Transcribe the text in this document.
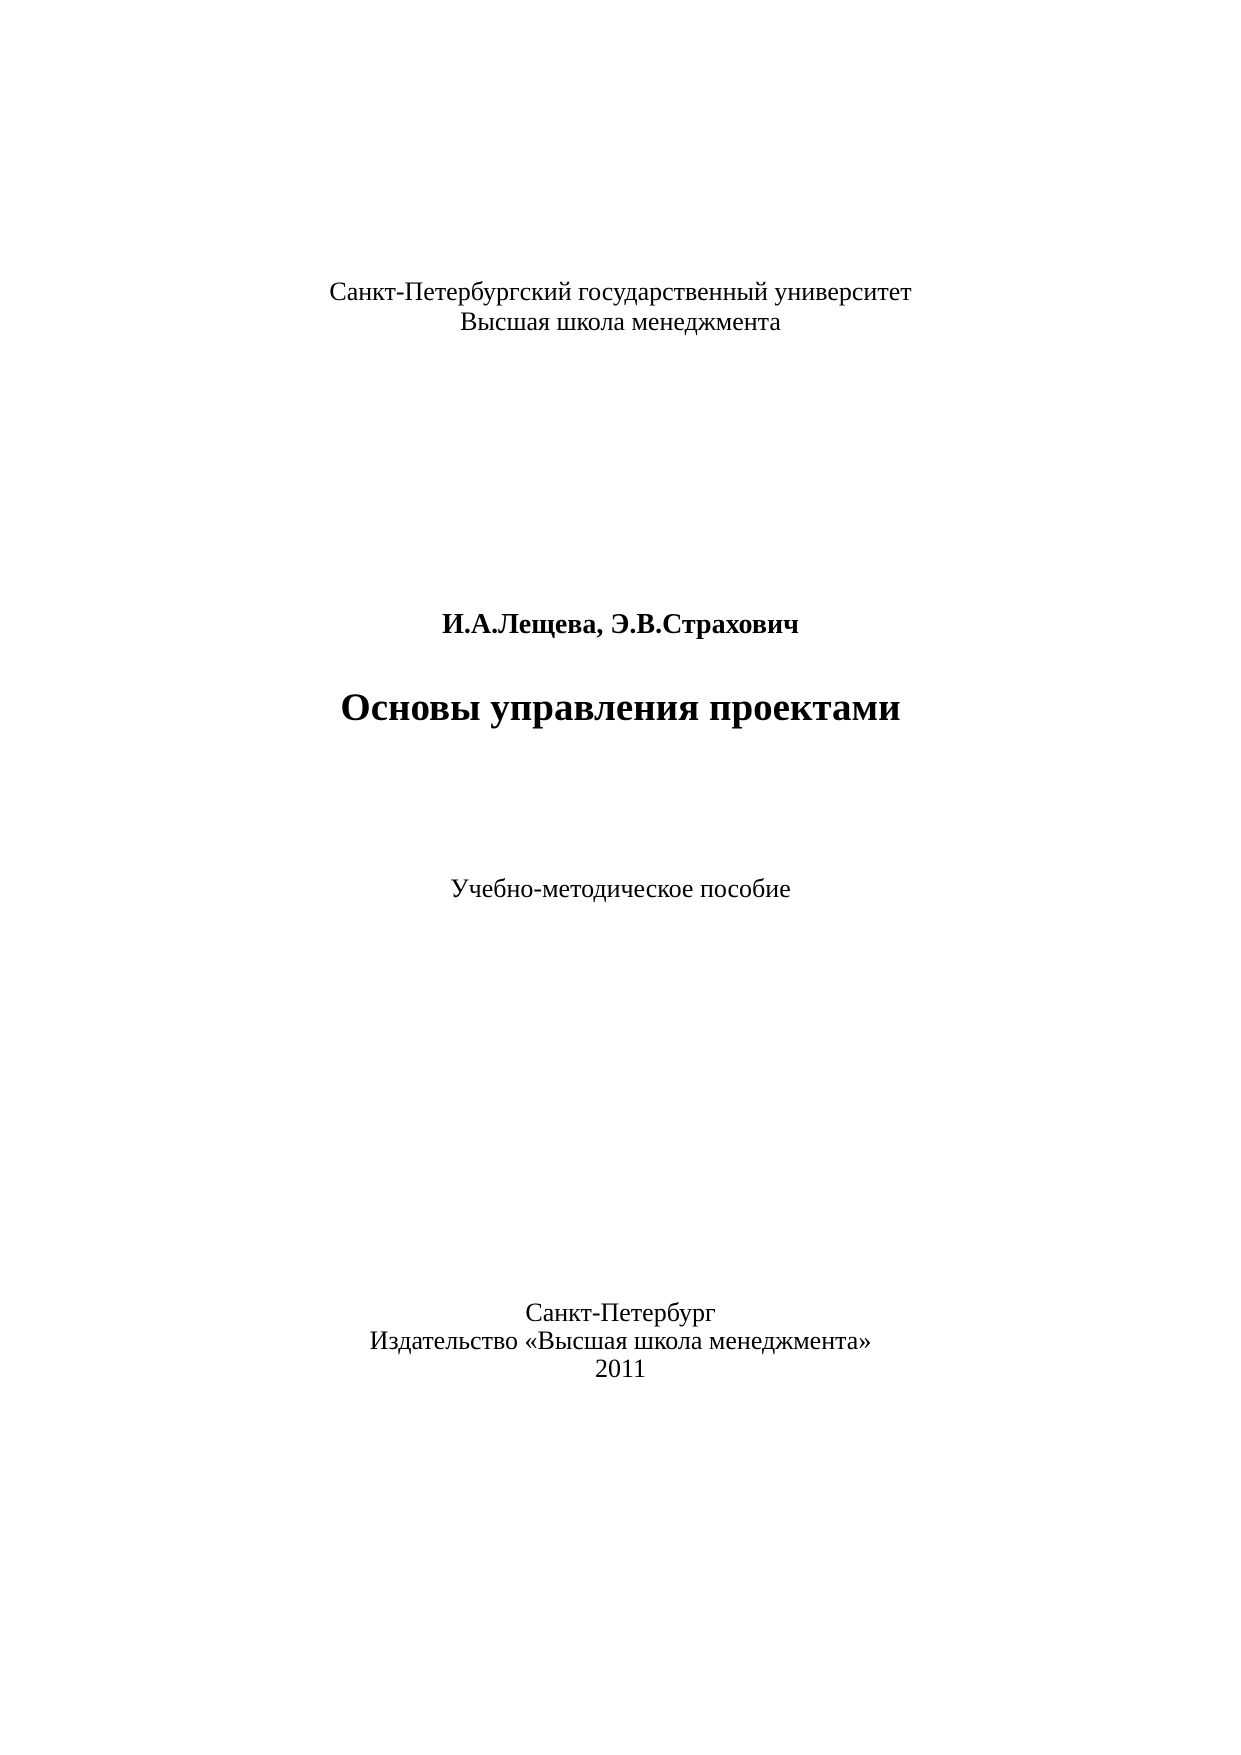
Санкт-Петербургский государственный университет
Высшая школа менеджмента
И.А.Лещева, Э.В.Страхович
Основы управления проектами
Учебно-методическое пособие
Санкт-Петербург
Издательство «Высшая школа менеджмента»
2011
